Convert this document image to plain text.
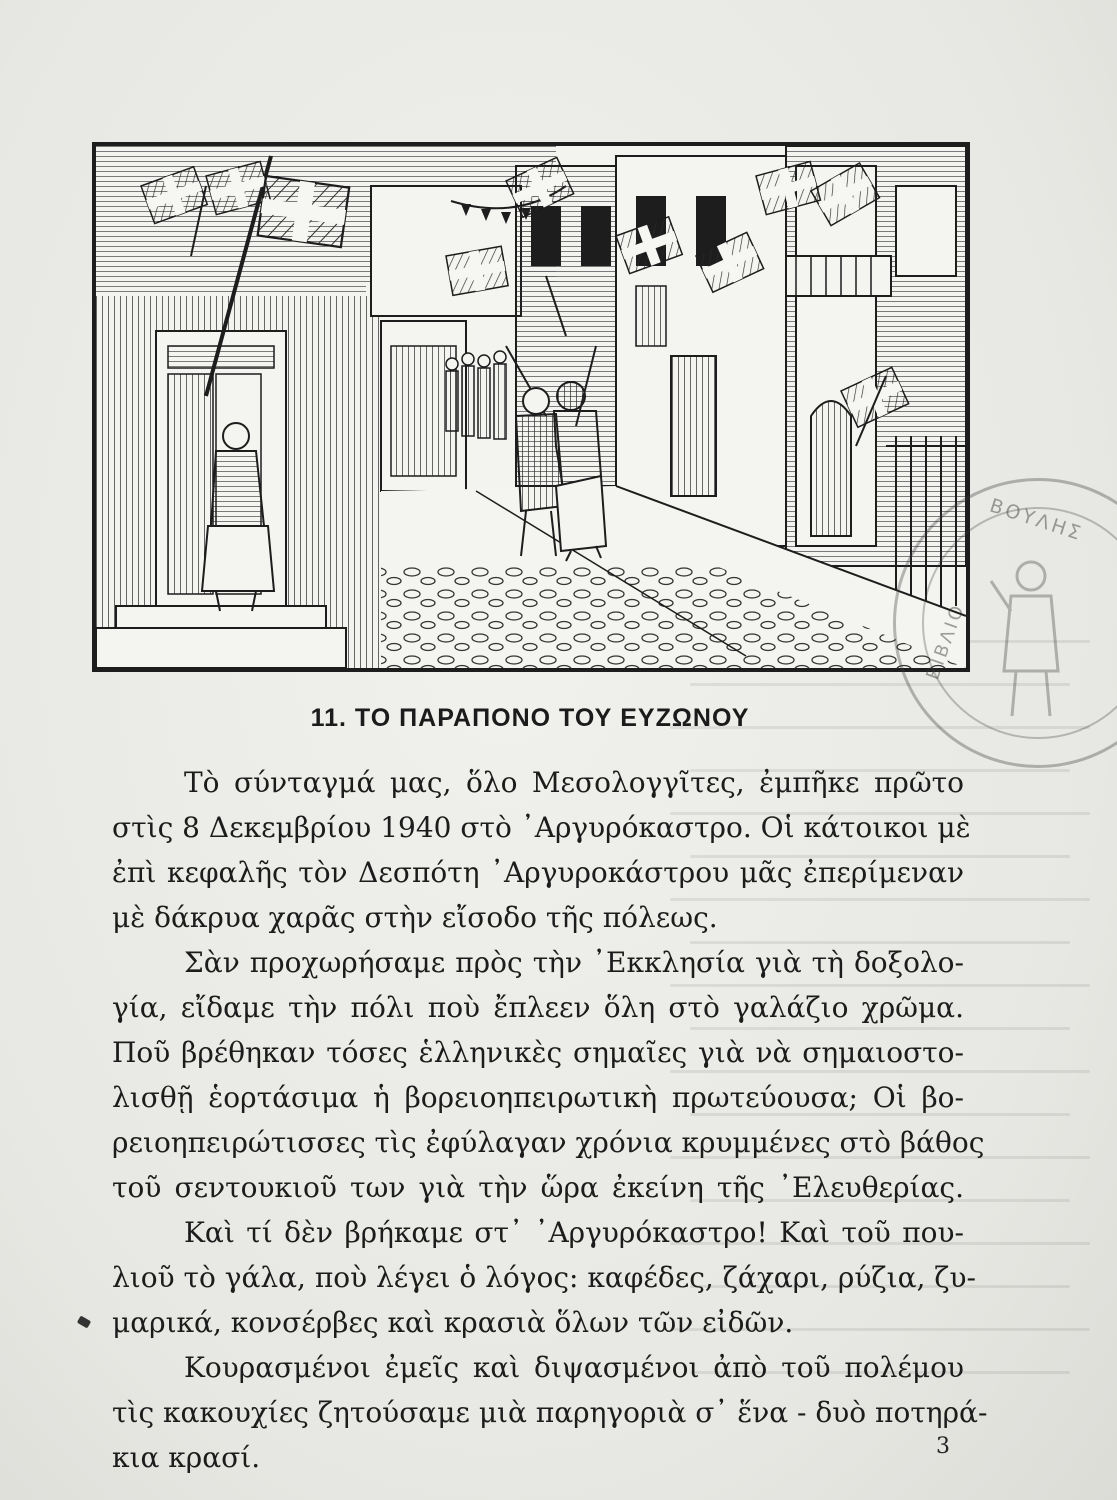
ΒΟΥΛΗΣ
ΒΙΒΛΙΟ
11. ΤΟ ΠΑΡΑΠΟΝΟ ΤΟΥ ΕΥΖΩΝΟΥ
Τὸ σύνταγμά μας, ὅλο Μεσολογγῖτες, ἐμπῆκε πρῶτο
στὶς 8 Δεκεμβρίου 1940 στὸ ᾿Αργυρόκαστρο. Οἱ κάτοικοι μὲ
ἐπὶ κεφαλῆς τὸν Δεσπότη ᾿Αργυροκάστρου μᾶς ἐπερίμεναν
μὲ δάκρυα χαρᾶς στὴν εἴσοδο τῆς πόλεως.
Σὰν προχωρήσαμε πρὸς τὴν ᾿Εκκλησία γιὰ τὴ δοξολο-
γία, εἴδαμε τὴν πόλι ποὺ ἔπλεεν ὅλη στὸ γαλάζιο χρῶμα.
Ποῦ βρέθηκαν τόσες ἑλληνικὲς σημαῖες γιὰ νὰ σημαιοστο-
λισθῇ ἑορτάσιμα ἡ βορειοηπειρωτικὴ πρωτεύουσα; Οἱ βο-
ρειοηπειρώτισσες τὶς ἐφύλαγαν χρόνια κρυμμένες στὸ βάθος
τοῦ σεντουκιοῦ των γιὰ τὴν ὥρα ἐκείνη τῆς ᾿Ελευθερίας.
Καὶ τί δὲν βρήκαμε στ᾿ ᾿Αργυρόκαστρο! Καὶ τοῦ που-
λιοῦ τὸ γάλα, ποὺ λέγει ὁ λόγος: καφέδες, ζάχαρι, ρύζια, ζυ-
μαρικά, κονσέρβες καὶ κρασιὰ ὅλων τῶν εἰδῶν.
Κουρασμένοι ἐμεῖς καὶ διψασμένοι ἀπὸ τοῦ πολέμου
τὶς κακουχίες ζητούσαμε μιὰ παρηγοριὰ σ᾿ ἕνα - δυὸ ποτηρά-
κια κρασί.	3
